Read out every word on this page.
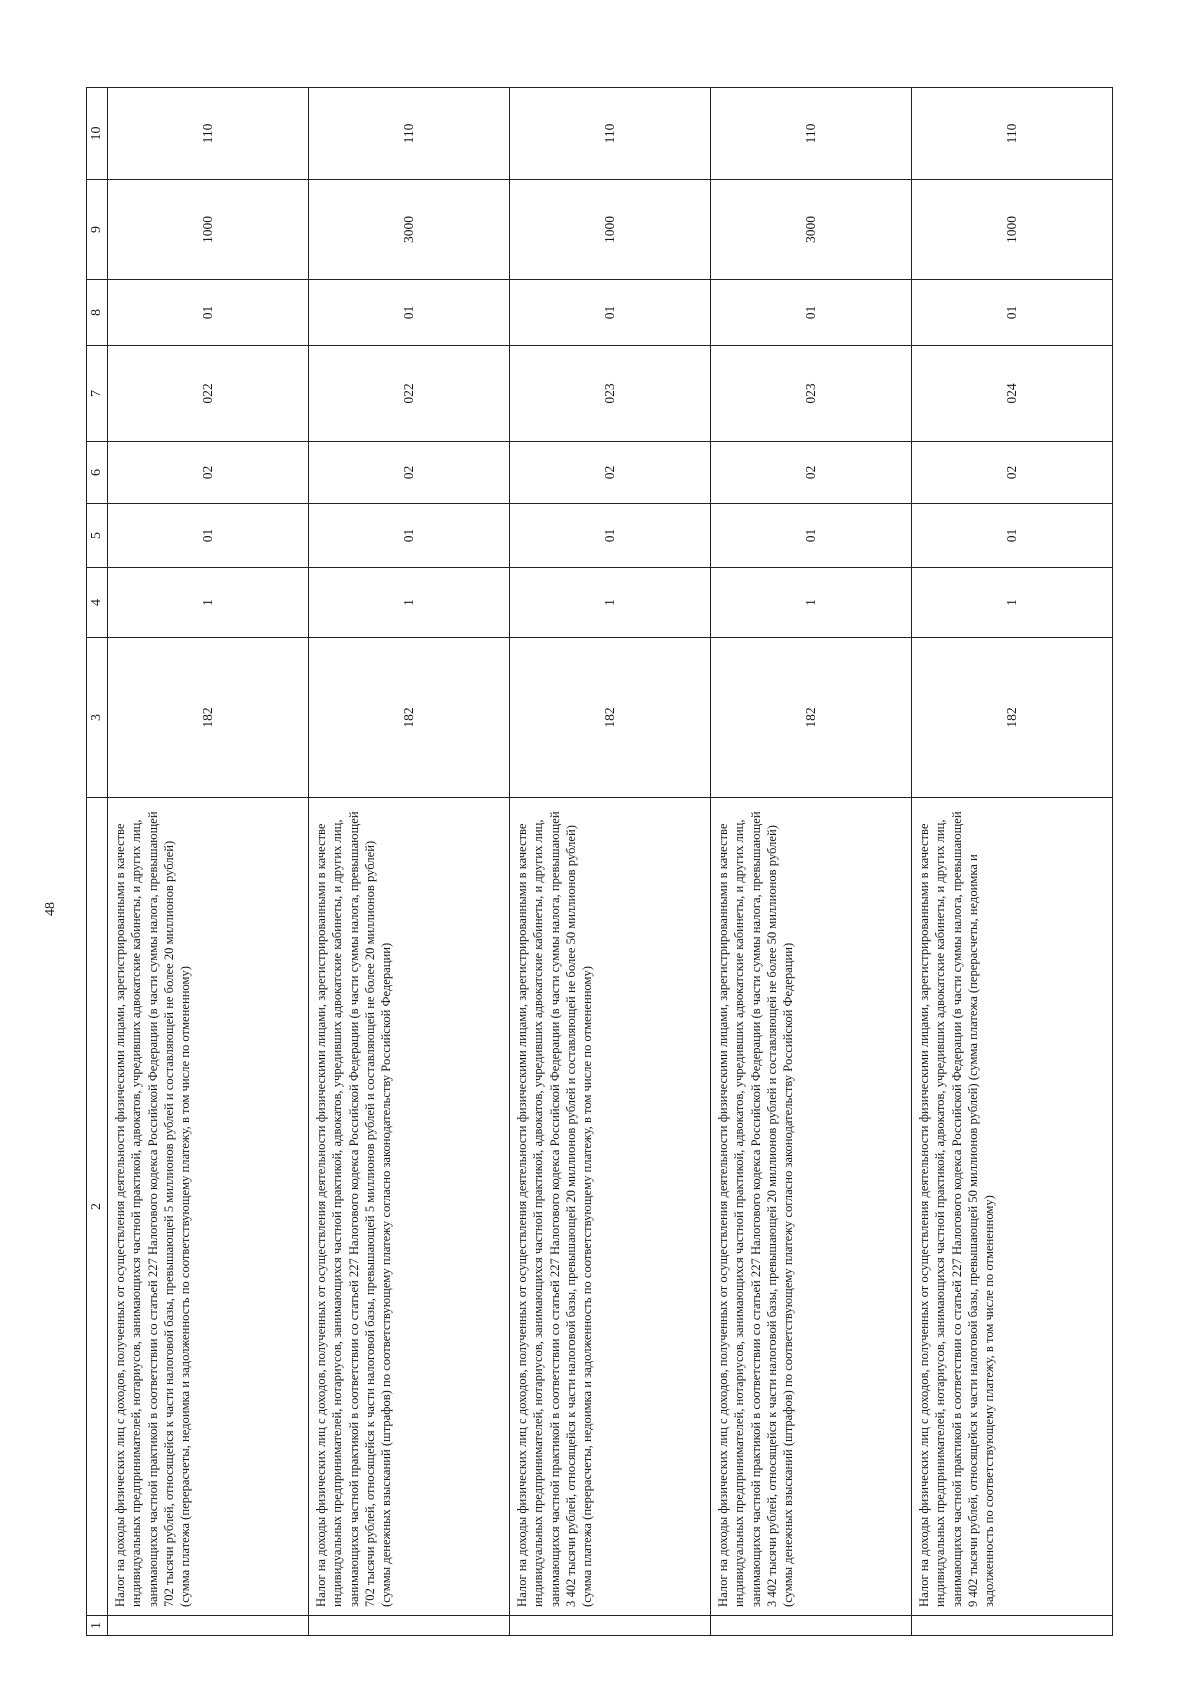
48
1	2	3	4	5	6	7	8	9	10
	Налог на доходы физических лиц с доходов, полученных от осуществления деятельности физическими лицами, зарегистрированными в качестве индивидуальных предпринимателей, нотариусов, занимающихся частной практикой, адвокатов, учредивших адвокатские кабинеты, и других лиц, занимающихся частной практикой в соответствии со статьей 227 Налогового кодекса Российской Федерации (в части суммы налога, превышающей 702 тысячи рублей, относящейся к части налоговой базы, превышающей 5 миллионов рублей и составляющей не более 20 миллионов рублей) (сумма платежа (перерасчеты, недоимка и задолженность по соответствующему платежу, в том числе по отмененному)	182	1	01	02	022	01	1000	110
	Налог на доходы физических лиц с доходов, полученных от осуществления деятельности физическими лицами, зарегистрированными в качестве индивидуальных предпринимателей, нотариусов, занимающихся частной практикой, адвокатов, учредивших адвокатские кабинеты, и других лиц, занимающихся частной практикой в соответствии со статьей 227 Налогового кодекса Российской Федерации (в части суммы налога, превышающей 702 тысячи рублей, относящейся к части налоговой базы, превышающей 5 миллионов рублей и составляющей не более 20 миллионов рублей) (суммы денежных взысканий (штрафов) по соответствующему платежу согласно законодательству Российской Федерации)	182	1	01	02	022	01	3000	110
	Налог на доходы физических лиц с доходов, полученных от осуществления деятельности физическими лицами, зарегистрированными в качестве индивидуальных предпринимателей, нотариусов, занимающихся частной практикой, адвокатов, учредивших адвокатские кабинеты, и других лиц, занимающихся частной практикой в соответствии со статьей 227 Налогового кодекса Российской Федерации (в части суммы налога, превышающей 3 402 тысячи рублей, относящейся к части налоговой базы, превышающей 20 миллионов рублей и составляющей не более 50 миллионов рублей) (сумма платежа (перерасчеты, недоимка и задолженность по соответствующему платежу, в том числе по отмененному)	182	1	01	02	023	01	1000	110
	Налог на доходы физических лиц с доходов, полученных от осуществления деятельности физическими лицами, зарегистрированными в качестве индивидуальных предпринимателей, нотариусов, занимающихся частной практикой, адвокатов, учредивших адвокатские кабинеты, и других лиц, занимающихся частной практикой в соответствии со статьей 227 Налогового кодекса Российской Федерации (в части суммы налога, превышающей 3 402 тысячи рублей, относящейся к части налоговой базы, превышающей 20 миллионов рублей и составляющей не более 50 миллионов рублей) (суммы денежных взысканий (штрафов) по соответствующему платежу согласно законодательству Российской Федерации)	182	1	01	02	023	01	3000	110
	Налог на доходы физических лиц с доходов, полученных от осуществления деятельности физическими лицами, зарегистрированными в качестве индивидуальных предпринимателей, нотариусов, занимающихся частной практикой, адвокатов, учредивших адвокатские кабинеты, и других лиц, занимающихся частной практикой в соответствии со статьей 227 Налогового кодекса Российской Федерации (в части суммы налога, превышающей 9 402 тысячи рублей, относящейся к части налоговой базы, превышающей 50 миллионов рублей) (сумма платежа (перерасчеты, недоимка и задолженность по соответствующему платежу, в том числе по отмененному)	182	1	01	02	024	01	1000	110
